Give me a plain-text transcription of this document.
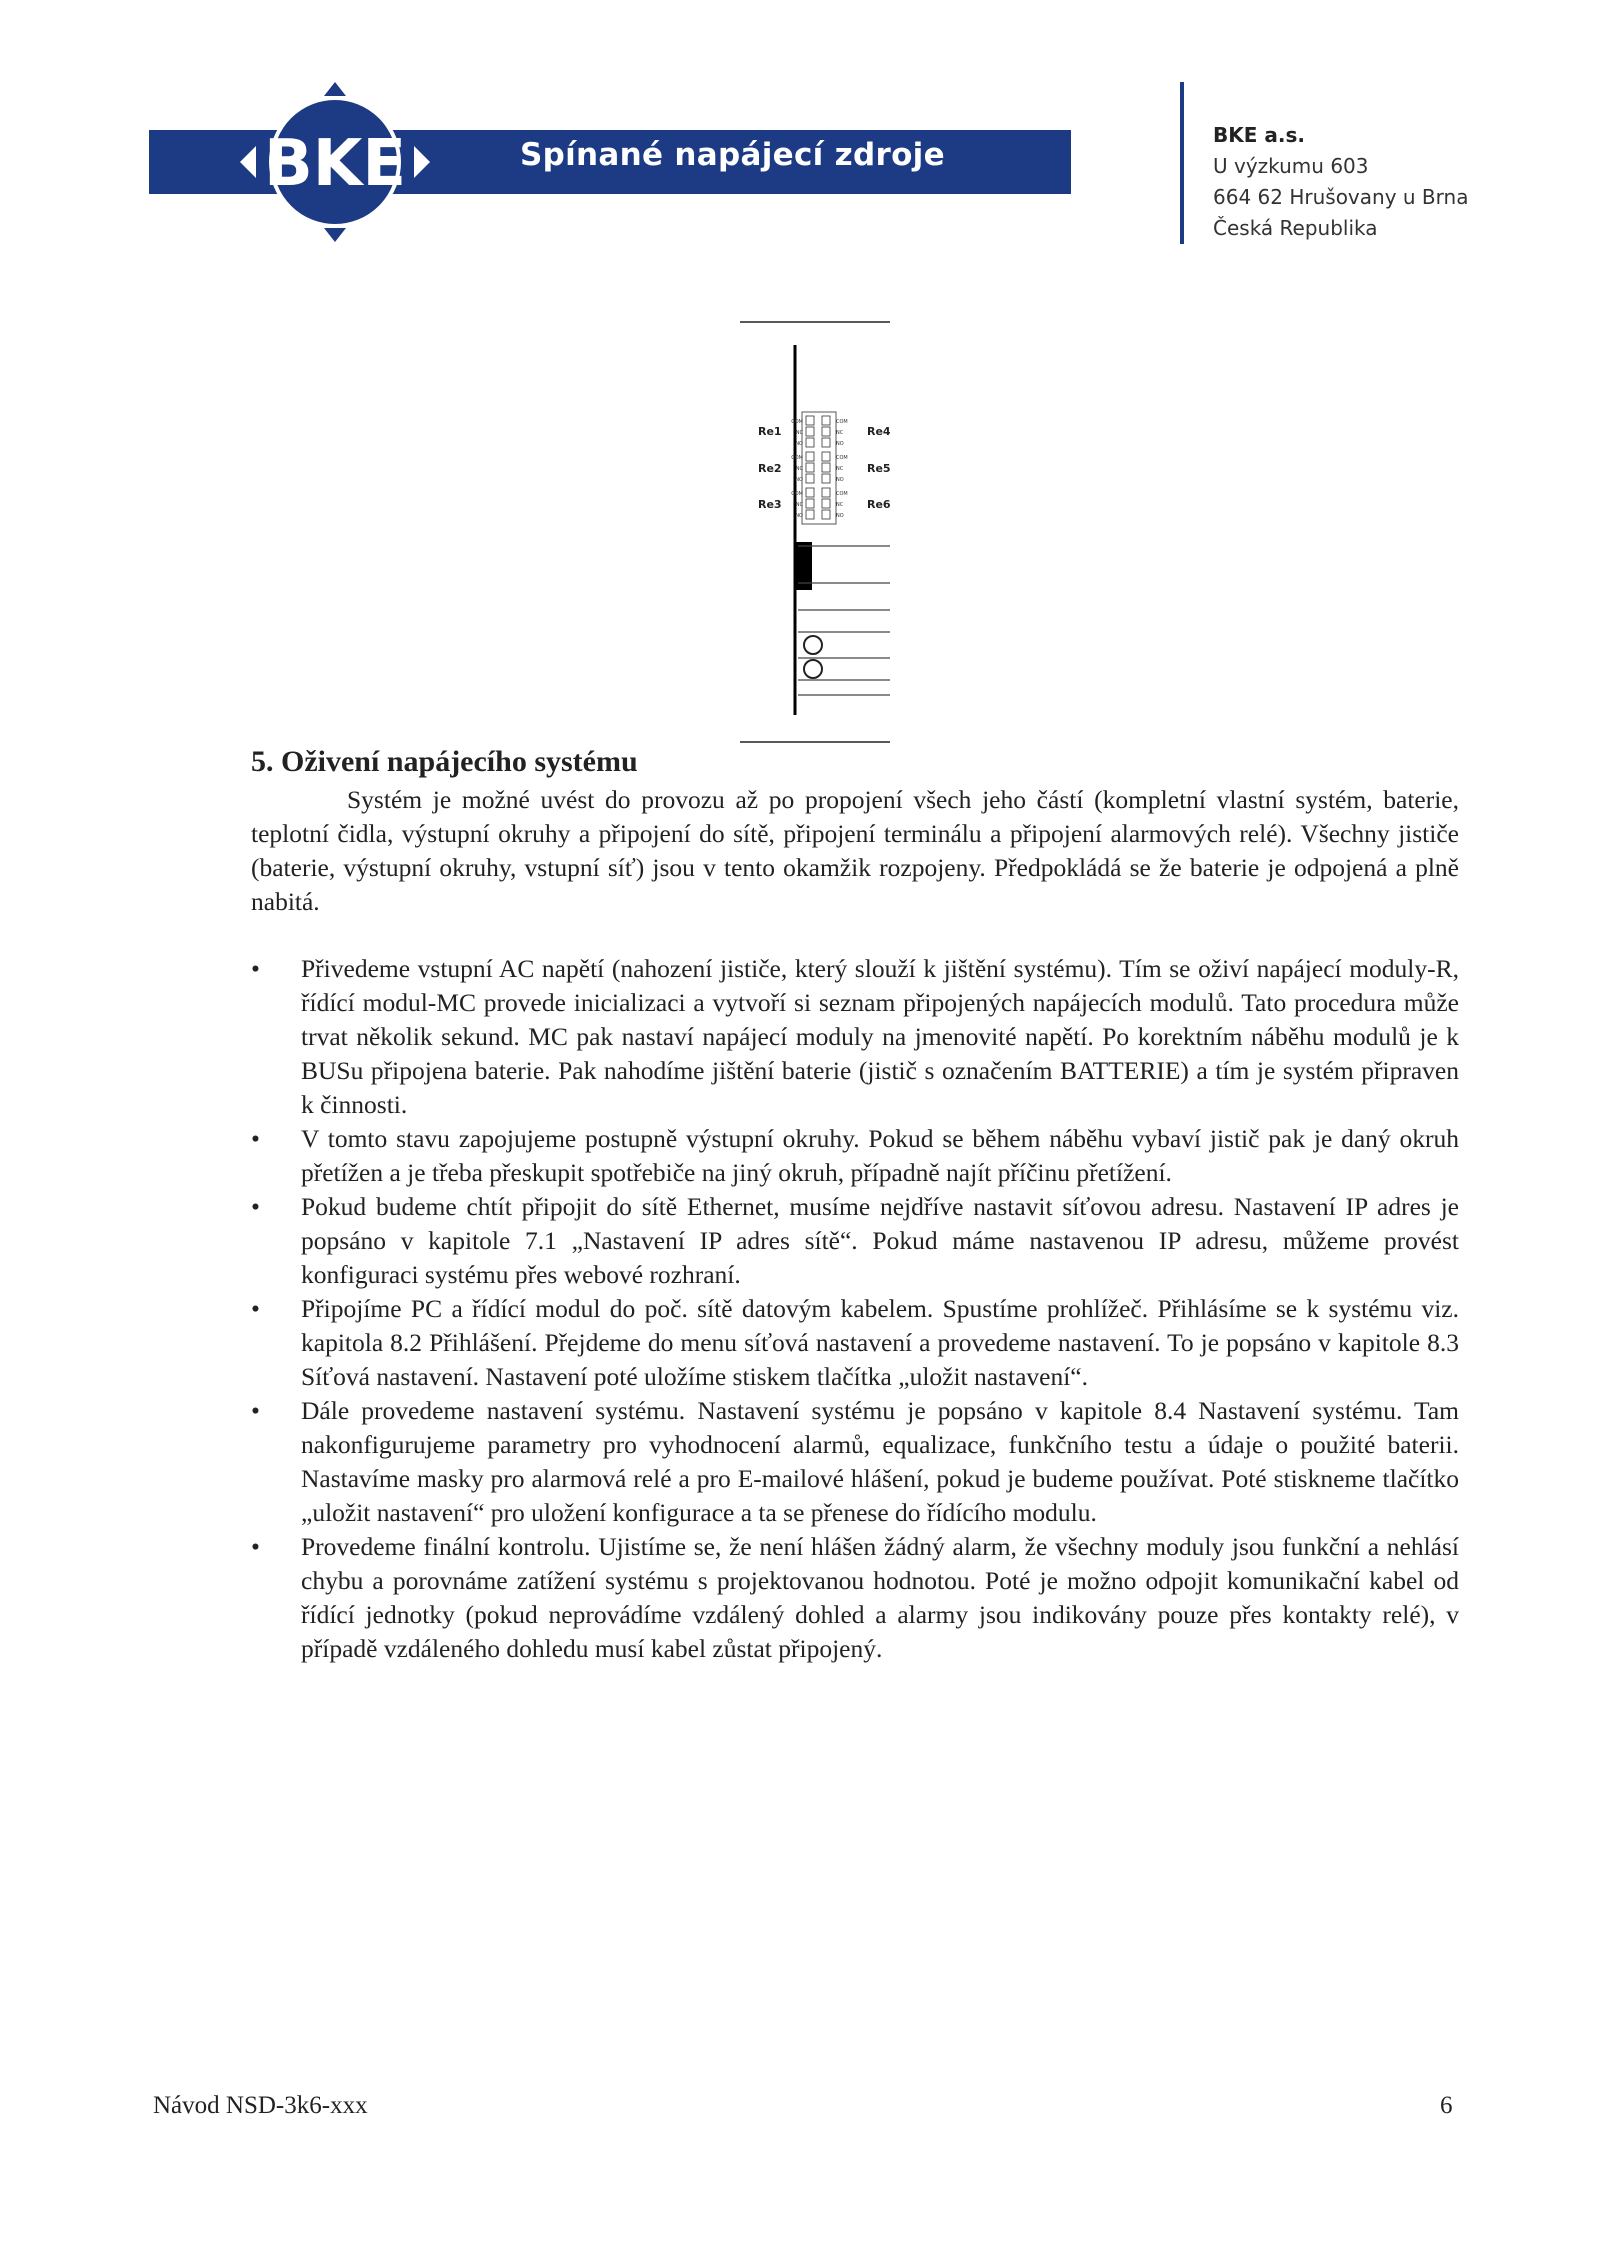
BKE	Spínané napájecí zdroje
BKE a.s.
U výzkumu 603
664 62 Hrušovany u Brna
Česká Republika
COM	COM
NC	NC
NO	NO
COM	COM
NC	NC
NO	NO
COM	COM
NC	NC
NO	NO
Re1
Re2
Re3
Re4
Re5
Re6
5. Oživení napájecího systému

Systém je možné uvést do provozu až po propojení všech jeho částí (kompletní vlastní systém, baterie, teplotní čidla, výstupní okruhy a připojení do sítě, připojení terminálu a připojení alarmových relé). Všechny jističe (baterie, výstupní okruhy, vstupní síť) jsou v tento okamžik rozpojeny. Předpokládá se že baterie je odpojená a plně nabitá.

• Přivedeme vstupní AC napětí (nahození jističe, který slouží k jištění systému). Tím se oživí napájecí moduly-R, řídící modul-MC provede inicializaci a vytvoří si seznam připojených napájecích modulů. Tato procedura může trvat několik sekund. MC pak nastaví napájecí moduly na jmenovité napětí. Po korektním náběhu modulů je k BUSu připojena baterie. Pak nahodíme jištění baterie (jistič s označením BATTERIE) a tím je systém připraven k činnosti.
• V tomto stavu zapojujeme postupně výstupní okruhy. Pokud se během náběhu vybaví jistič pak je daný okruh přetížen a je třeba přeskupit spotřebiče na jiný okruh, případně najít příčinu přetížení.
• Pokud budeme chtít připojit do sítě Ethernet, musíme nejdříve nastavit síťovou adresu. Nastavení IP adres je popsáno v kapitole 7.1 „Nastavení IP adres sítě“. Pokud máme nastavenou IP adresu, můžeme provést konfiguraci systému přes webové rozhraní.
• Připojíme PC a řídící modul do poč. sítě datovým kabelem. Spustíme prohlížeč. Přihlásíme se k systému viz. kapitola 8.2 Přihlášení. Přejdeme do menu síťová nastavení a provedeme nastavení. To je popsáno v kapitole 8.3 Síťová nastavení. Nastavení poté uložíme stiskem tlačítka „uložit nastavení“.
• Dále provedeme nastavení systému. Nastavení systému je popsáno v kapitole 8.4 Nastavení systému. Tam nakonfigurujeme parametry pro vyhodnocení alarmů, equalizace, funkčního testu a údaje o použité baterii. Nastavíme masky pro alarmová relé a pro E-mailové hlášení, pokud je budeme používat. Poté stiskneme tlačítko „uložit nastavení“ pro uložení konfigurace a ta se přenese do řídícího modulu.
• Provedeme finální kontrolu. Ujistíme se, že není hlášen žádný alarm, že všechny moduly jsou funkční a nehlásí chybu a porovnáme zatížení systému s projektovanou hodnotou. Poté je možno odpojit komunikační kabel od řídící jednotky (pokud neprovádíme vzdálený dohled a alarmy jsou indikovány pouze přes kontakty relé), v případě vzdáleného dohledu musí kabel zůstat připojený.
Návod NSD-3k6-xxx	6
